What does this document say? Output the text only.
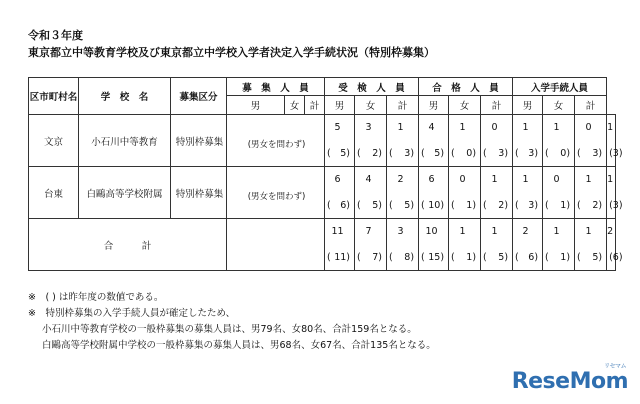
令和３年度
東京都立中等教育学校及び東京都立中学校入学者決定入学手続状況（特別枠募集）
区市町村名	学　校　名	募集区分	募　集　人　員			受　検　人　員			合　格　人　員			入学手続人員			
			男	女	計	男	女	計	男	女	計	男	女	計	
文京	小石川中等教育	特別枠募集	(男女を問わず)			5	3	1	4	1	0	1	1	0	1

						( 5)	( 2)	( 3)	( 5)	( 0)	( 3)	( 3)	( 0)	( 3)	( 3)

台東	白鷗高等学校附属	特別枠募集	(男女を問わず)			6	4	2	6	0	1	1	0	1	1

						( 6)	( 5)	( 5)	( 10)	( 1)	( 2)	( 3)	( 1)	( 2)	( 3)

合　　　計						11	7	3	10	1	1	2	1	1	2

						( 11)	( 7)	( 8)	( 15)	( 1)	( 5)	( 6)	( 1)	( 5)	( 6)
※　( ) は昨年度の数値である。
※　特別枠募集の入学手続人員が確定したため、
小石川中等教育学校の一般枠募集の募集人員は、男79名、女80名、合計159名となる。
白鷗高等学校附属中学校の一般枠募集の募集人員は、男68名、女67名、合計135名となる。
ReseMom
リセマム
